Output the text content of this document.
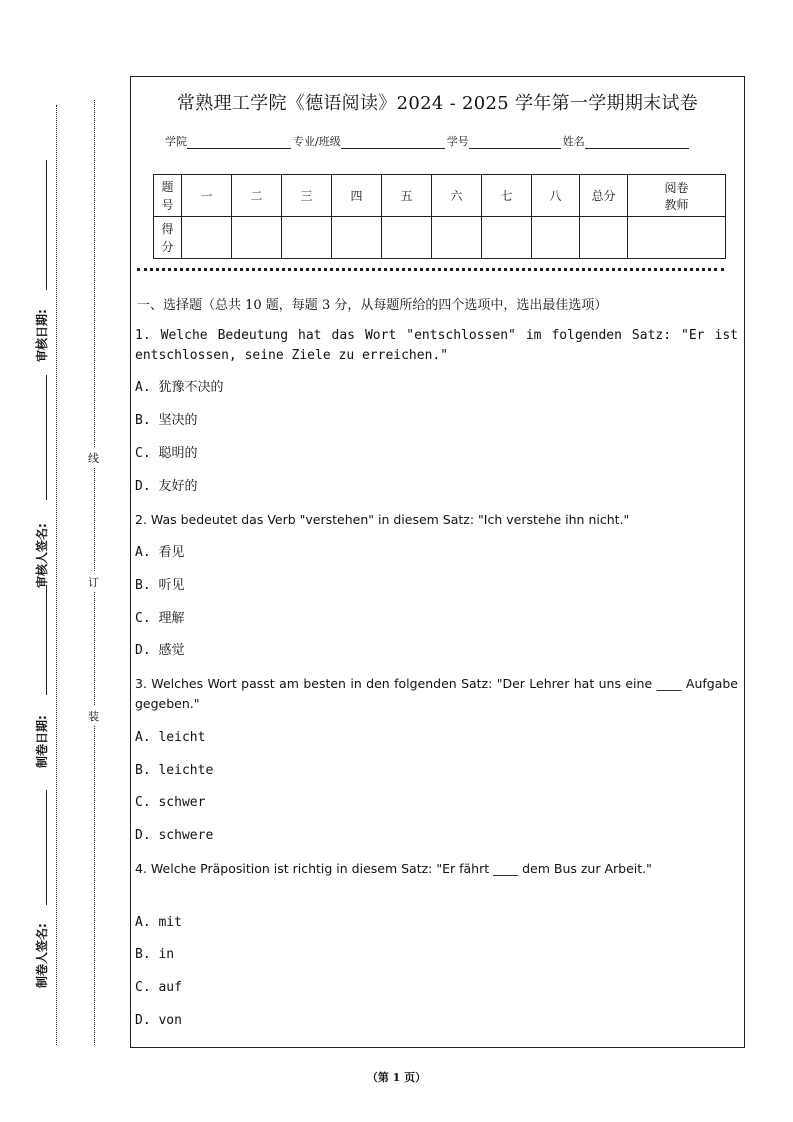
审核日期:
审核人签名:
制卷日期:
制卷人签名:
线
订
装
常熟理工学院《德语阅读》2024 - 2025 学年第一学期期末试卷
学院	专业/班级	学号	姓名
题号	一	二	三	四	五	六	七	八	总分	阅卷
教师

得分										
一、选择题（总共 10 题，每题 3 分，从每题所给的四个选项中，选出最佳选项）
1. Welche Bedeutung hat das Wort "entschlossen" im folgenden Satz: "Er ist entschlossen, seine Ziele zu erreichen."
A. 犹豫不决的
B. 坚决的
C. 聪明的
D. 友好的
2. Was bedeutet das Verb "verstehen" in diesem Satz: "Ich verstehe ihn nicht."
A. 看见
B. 听见
C. 理解
D. 感觉
3. Welches Wort passt am besten in den folgenden Satz: "Der Lehrer hat uns eine ____ Aufgabe gegeben."
A. leicht
B. leichte
C. schwer
D. schwere
4. Welche Präposition ist richtig in diesem Satz: "Er fährt ____ dem Bus zur Arbeit."
A. mit
B. in
C. auf
D. von
（第 1 页）
